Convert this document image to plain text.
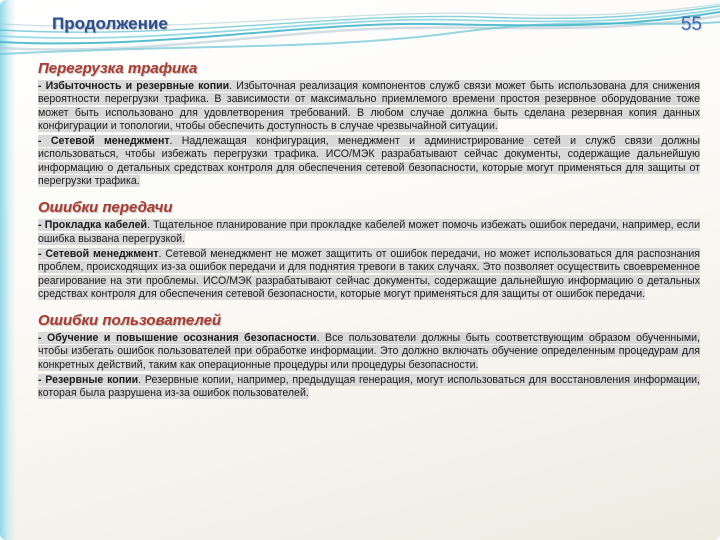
Продолжение	55
Перегрузка трафика

- Избыточность и резервные копии. Избыточная реализация компонентов служб связи может быть использована для снижения вероятности перегрузки трафика. В зависимости от максимально приемлемого времени простоя резервное оборудование тоже может быть использовано для удовлетворения требований. В любом случае должна быть сделана резервная копия данных конфигурации и топологии, чтобы обеспечить доступность в случае чрезвычайной ситуации.

- Сетевой менеджмент. Надлежащая конфигурация, менеджмент и администрирование сетей и служб связи должны использоваться, чтобы избежать перегрузки трафика. ИСО/МЭК разрабатывают сейчас документы, содержащие дальнейшую информацию о детальных средствах контроля для обеспечения сетевой безопасности, которые могут применяться для защиты от перегрузки трафика.

Ошибки передачи

- Прокладка кабелей. Тщательное планирование при прокладке кабелей может помочь избежать ошибок передачи, например, если ошибка вызвана перегрузкой.

- Сетевой менеджмент. Сетевой менеджмент не может защитить от ошибок передачи, но может использоваться для распознания проблем, происходящих из-за ошибок передачи и для поднятия тревоги в таких случаях. Это позволяет осуществить своевременное реагирование на эти проблемы. ИСО/МЭК разрабатывают сейчас документы, содержащие дальнейшую информацию о детальных средствах контроля для обеспечения сетевой безопасности, которые могут применяться для защиты от ошибок передачи.

Ошибки пользователей

- Обучение и повышение осознания безопасности. Все пользователи должны быть соответствующим образом обученными, чтобы избегать ошибок пользователей при обработке информации. Это должно включать обучение определенным процедурам для конкретных действий, таким как операционные процедуры или процедуры безопасности.

- Резервные копии. Резервные копии, например, предыдущая генерация, могут использоваться для восстановления информации, которая была разрушена из-за ошибок пользователей.
